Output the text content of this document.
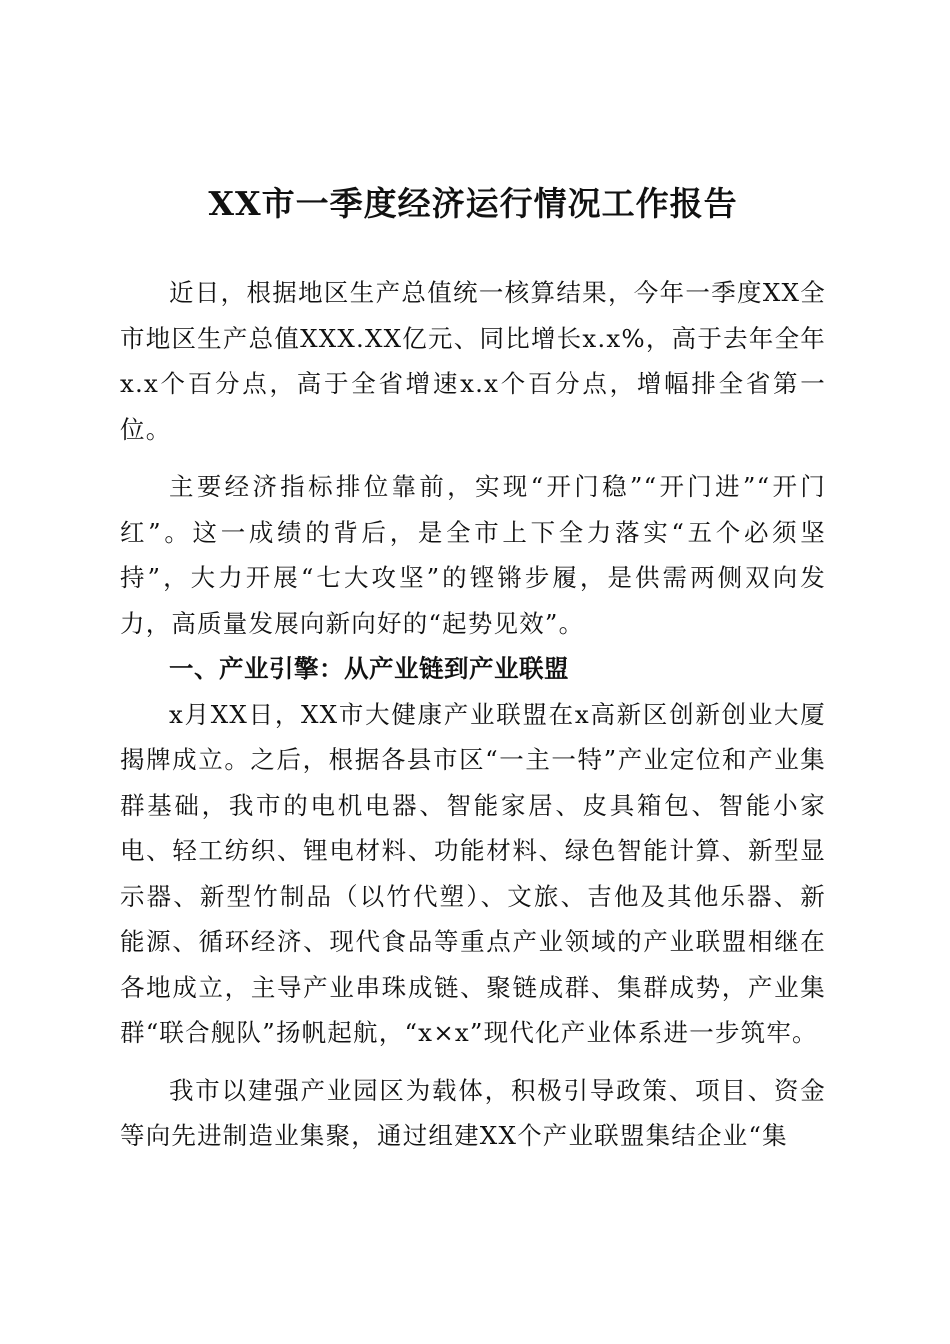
XX市一季度经济运行情况工作报告

近日，根据地区生产总值统一核算结果，今年一季度XX全市地区生产总值XXX.XX亿元、同比增长x.x%，高于去年全年x.x个百分点，高于全省增速x.x个百分点，增幅排全省第一位。

主要经济指标排位靠前，实现“开门稳”“开门进”“开门红”。这一成绩的背后，是全市上下全力落实“五个必须坚持”，大力开展“七大攻坚”的铿锵步履，是供需两侧双向发力，高质量发展向新向好的“起势见效”。

一、产业引擎：从产业链到产业联盟

x月XX日，XX市大健康产业联盟在x高新区创新创业大厦揭牌成立。之后，根据各县市区“一主一特”产业定位和产业集群基础，我市的电机电器、智能家居、皮具箱包、智能小家电、轻工纺织、锂电材料、功能材料、绿色智能计算、新型显示器、新型竹制品（以竹代塑）、文旅、吉他及其他乐器、新能源、循环经济、现代食品等重点产业领域的产业联盟相继在各地成立，主导产业串珠成链、聚链成群、集群成势，产业集群“联合舰队”扬帆起航，“x×x”现代化产业体系进一步筑牢。

我市以建强产业园区为载体，积极引导政策、项目、资金等向先进制造业集聚，通过组建XX个产业联盟集结企业“集
